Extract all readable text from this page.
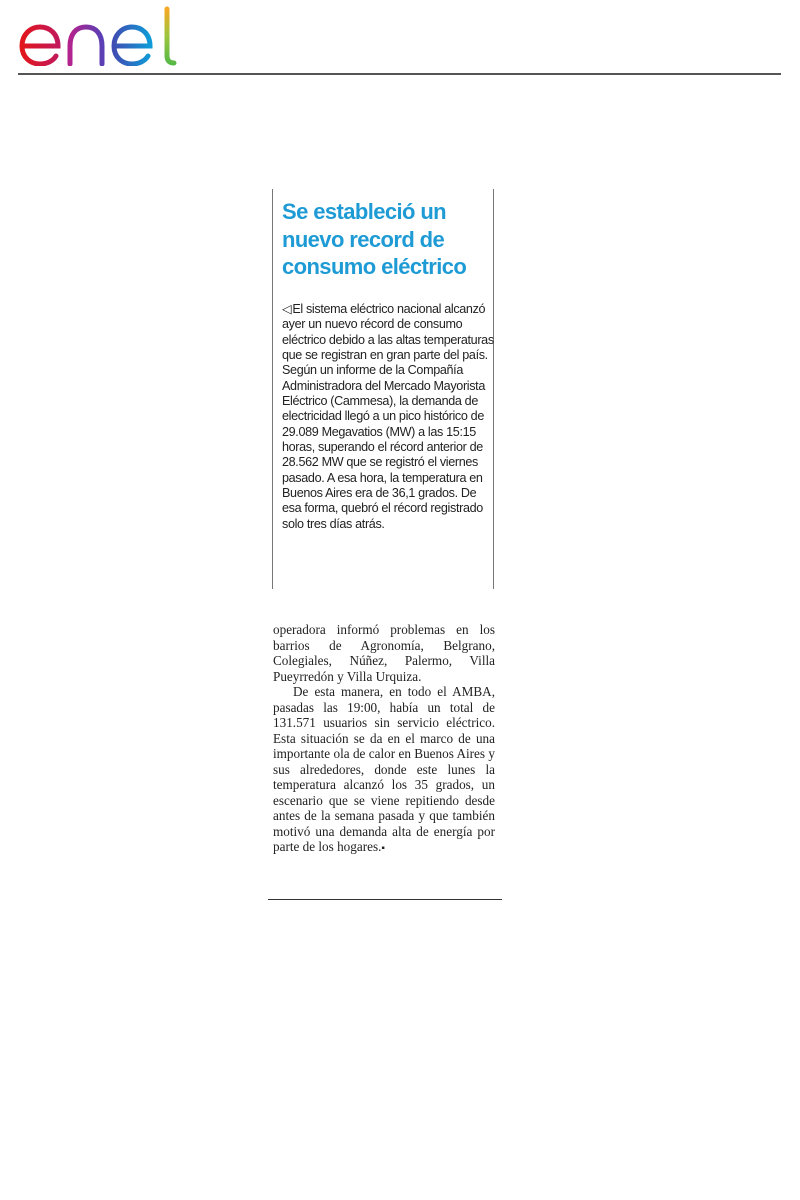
Se estableció un nuevo record de consumo eléctrico

◁El sistema eléctrico nacional alcanzó ayer un nuevo récord de consumo eléctrico debido a las altas temperaturas que se registran en gran parte del país. Según un informe de la Compañía Administradora del Mercado Mayorista Eléctrico (Cammesa), la demanda de electricidad llegó a un pico histórico de 29.089 Megavatios (MW) a las 15:15 horas, superando el récord anterior de 28.562 MW que se registró el viernes pasado. A esa hora, la temperatura en Buenos Aires era de 36,1 grados. De esa forma, quebró el récord registrado solo tres días atrás.

operadora informó problemas en los barrios de Agronomía, Belgrano, Colegiales, Núñez, Palermo, Villa Pueyrredón y Villa Urquiza.

De esta manera, en todo el AMBA, pasadas las 19:00, había un total de 131.571 usuarios sin servicio eléctrico. Esta situación se da en el marco de una importante ola de calor en Buenos Aires y sus alrededores, donde este lunes la temperatura alcanzó los 35 grados, un escenario que se viene repitiendo desde antes de la semana pasada y que también motivó una demanda alta de energía por parte de los hogares.▪
